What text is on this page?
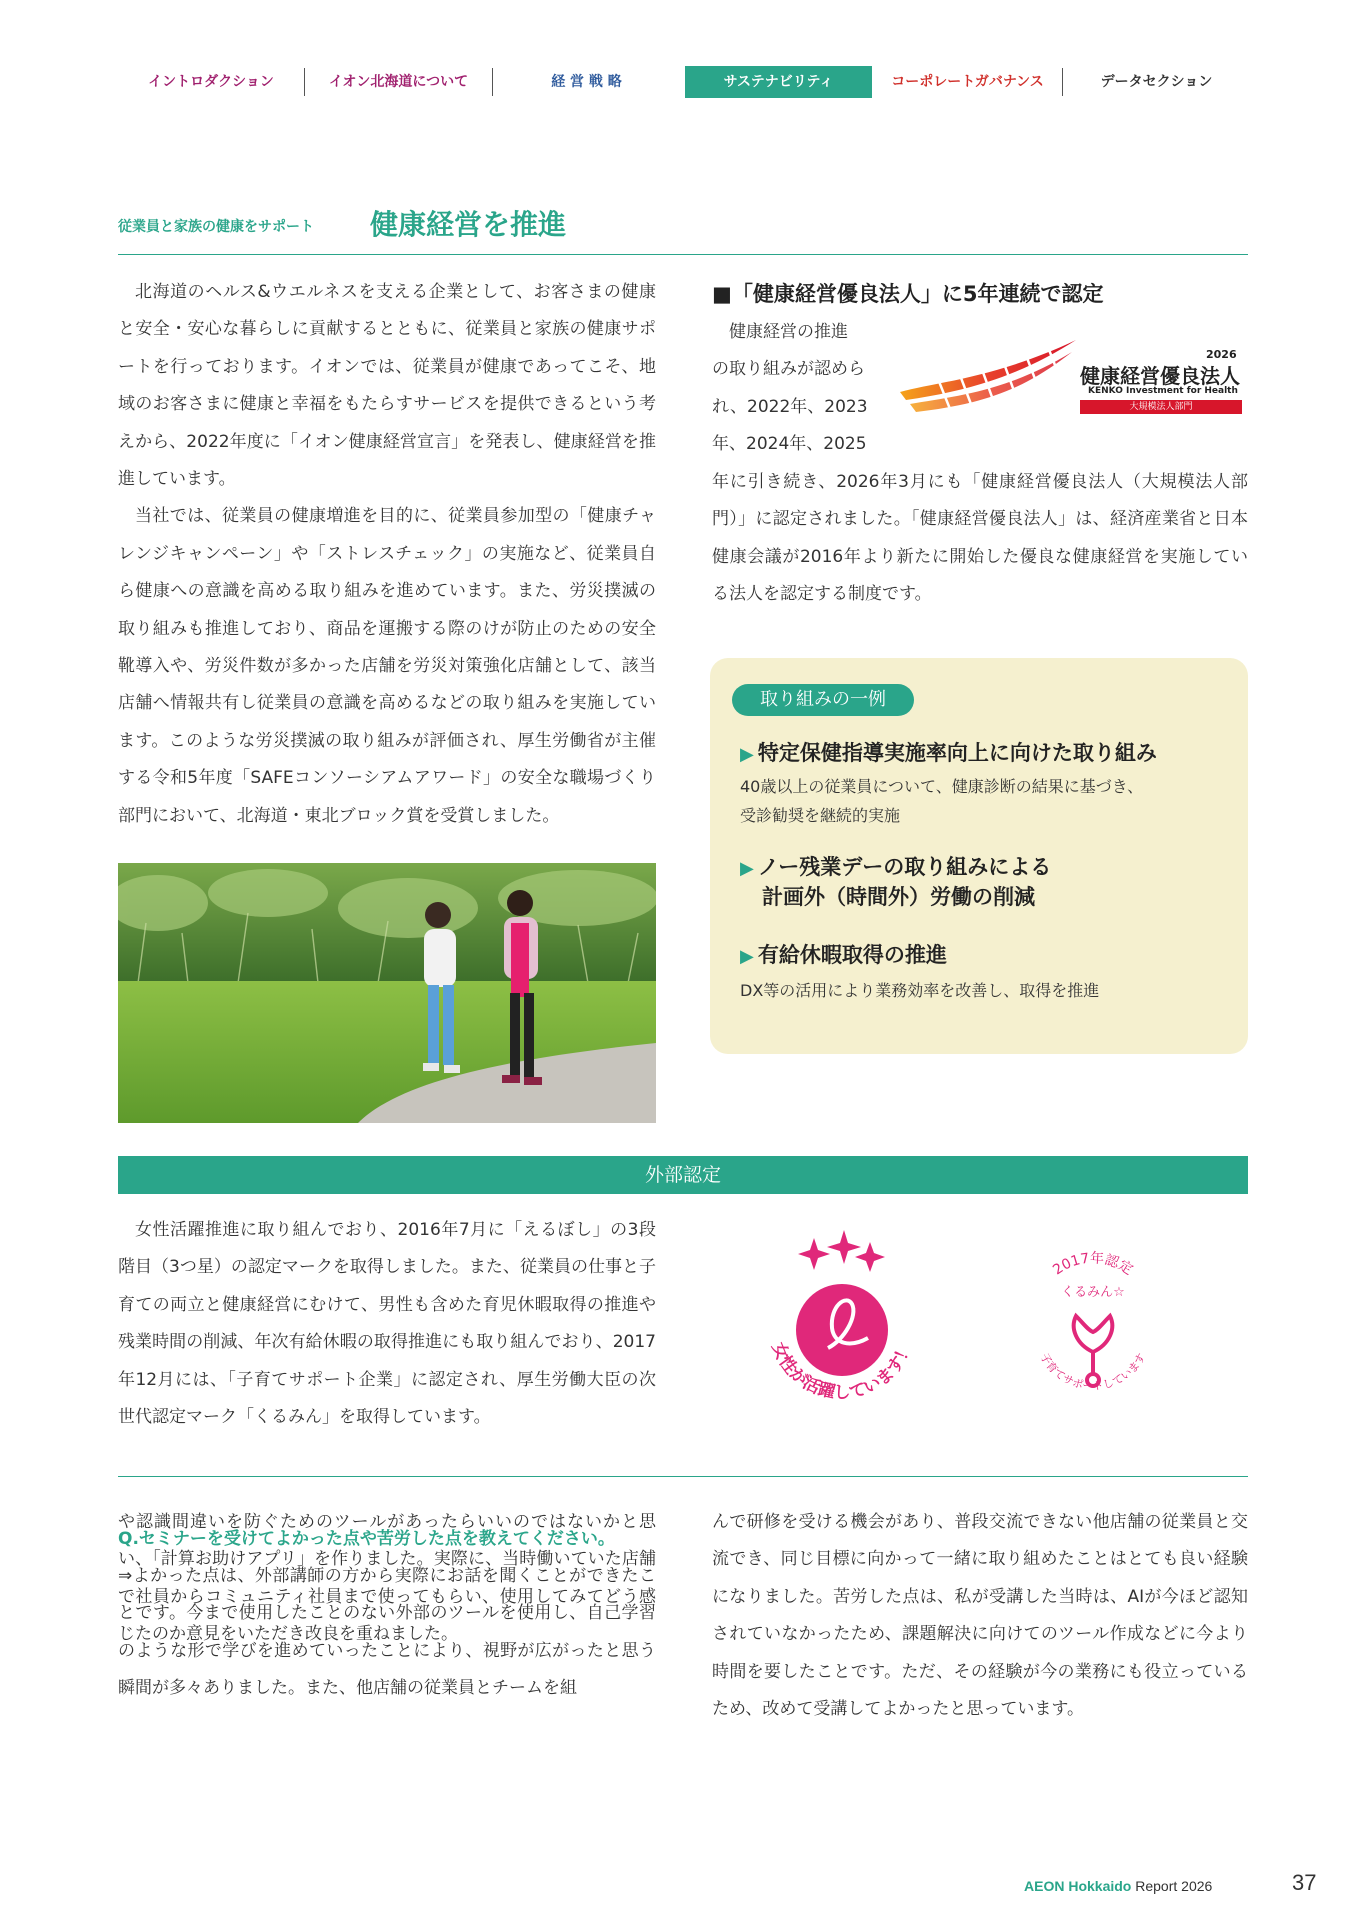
イントロダクション	イオン北海道について	経 営 戦 略	サステナビリティ	コーポレートガバナンス	データセクション
従業員と家族の健康をサポート 健康経営を推進

北海道のヘルス&ウエルネスを支える企業として、お客さまの健康と安全・安心な暮らしに貢献するとともに、従業員と家族の健康サポートを行っております。イオンでは、従業員が健康であってこそ、地域のお客さまに健康と幸福をもたらすサービスを提供できるという考えから、2022年度に「イオン健康経営宣言」を発表し、健康経営を推進しています。

当社では、従業員の健康増進を目的に、従業員参加型の「健康チャレンジキャンペーン」や「ストレスチェック」の実施など、従業員自ら健康への意識を高める取り組みを進めています。また、労災撲滅の取り組みも推進しており、商品を運搬する際のけが防止のための安全靴導入や、労災件数が多かった店舗を労災対策強化店舗として、該当店舗へ情報共有し従業員の意識を高めるなどの取り組みを実施しています。このような労災撲滅の取り組みが評価され、厚生労働省が主催する令和5年度「SAFEコンソーシアムアワード」の安全な職場づくり部門において、北海道・東北ブロック賞を受賞しました。

■「健康経営優良法人」に5年連続で認定
健康経営の推進
の取り組みが認めら
れ、2022年、2023
年、2024年、2025
年に引き続き、2026年3月にも「健康経営優良法人（大規模法人部門）」に認定されました。「健康経営優良法人」は、経済産業省と日本健康会議が2016年より新たに開始した優良な健康経営を実施している法人を認定する制度です。
2026
健康経営優良法人
KENKO Investment for Health
大規模法人部門
取り組みの一例
▶ 特定保健指導実施率向上に向けた取り組み
40歳以上の従業員について、健康診断の結果に基づき、
受診勧奨を継続的実施
▶ ノー残業デーの取り組みによる
計画外（時間外）労働の削減
▶ 有給休暇取得の推進
DX等の活用により業務効率を改善し、取得を推進
外部認定

女性活躍推進に取り組んでおり、2016年7月に「えるぼし」の3段階目（3つ星）の認定マークを取得しました。また、従業員の仕事と子育ての両立と健康経営にむけて、男性も含めた育児休暇取得の推進や残業時間の削減、年次有給休暇の取得推進にも取り組んでおり、2017年12月には、「子育てサポート企業」に認定され、厚生労働大臣の次世代認定マーク「くるみん」を取得しています。

女性が活躍しています！
2017年認定
くるみん☆
子育てサポートしています
や認識間違いを防ぐためのツールがあったらいいのではないかと思い、「計算お助けアプリ」を作りました。実際に、当時働いていた店舗で社員からコミュニティ社員まで使ってもらい、使用してみてどう感じたのか意見をいただき改良を重ねました。
Q.セミナーを受けてよかった点や苦労した点を教えてください。
⇒よかった点は、外部講師の方から実際にお話を聞くことができたことです。今まで使用したことのない外部のツールを使用し、自己学習のような形で学びを進めていったことにより、視野が広がったと思う瞬間が多々ありました。また、他店舗の従業員とチームを組
んで研修を受ける機会があり、普段交流できない他店舗の従業員と交流でき、同じ目標に向かって一緒に取り組めたことはとても良い経験になりました。苦労した点は、私が受講した当時は、AIが今ほど認知されていなかったため、課題解決に向けてのツール作成などに今より時間を要したことです。ただ、その経験が今の業務にも役立っているため、改めて受講してよかったと思っています。
AEON Hokkaido Report 2026	37
